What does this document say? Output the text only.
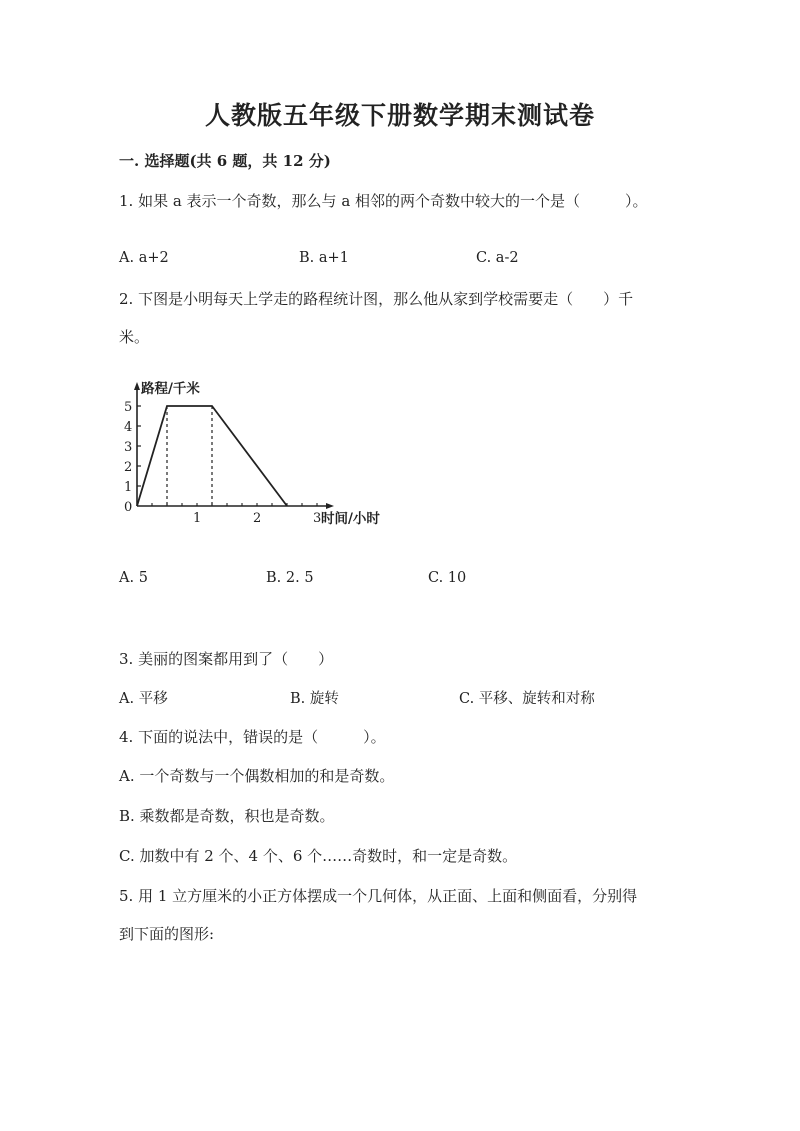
人教版五年级下册数学期末测试卷
一. 选择题(共 6 题，共 12 分)
1. 如果 a 表示一个奇数，那么与 a 相邻的两个奇数中较大的一个是（　　　）。
A. a+2	B. a+1	C. a-2
2. 下图是小明每天上学走的路程统计图，那么他从家到学校需要走（　　）千
米。
0
1
2
3
4
5
1	2	3
路程/千米
时间/小时
A. 5	B. 2. 5	C. 10
3. 美丽的图案都用到了（　　）
A. 平移	B. 旋转	C. 平移、旋转和对称
4. 下面的说法中，错误的是（　　　）。
A. 一个奇数与一个偶数相加的和是奇数。
B. 乘数都是奇数，积也是奇数。
C. 加数中有 2 个、4 个、6 个……奇数时，和一定是奇数。
5. 用 1 立方厘米的小正方体摆成一个几何体，从正面、上面和侧面看，分别得
到下面的图形:
